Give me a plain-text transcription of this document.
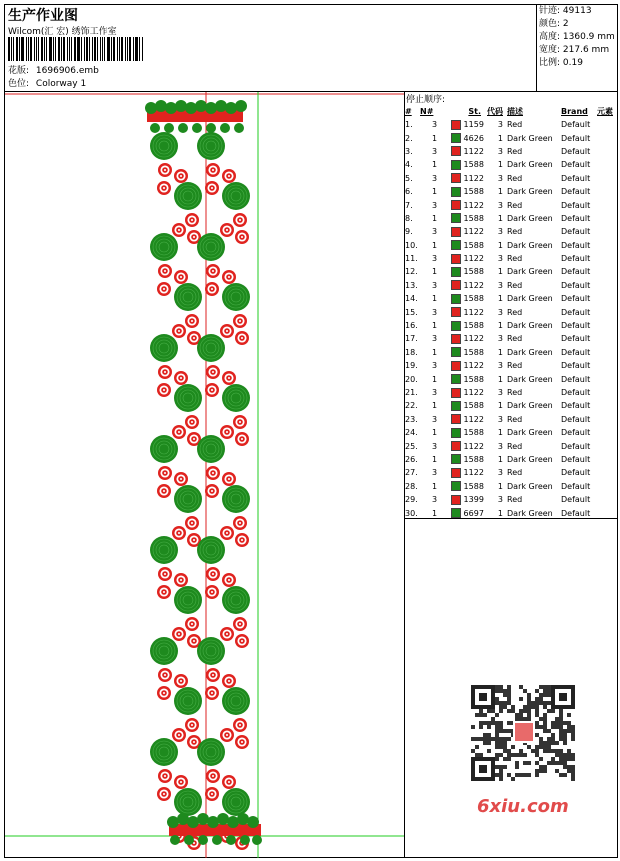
生产作业图
Wilcom(汇 宏) 绣饰工作室
花版: 1696906.emb
色位: Colorway 1
针迹: 49113
颜色: 2
高度: 1360.9 mm
宽度: 217.6 mm
比例: 0.19
停止顺序:
#	N#	St.	代码	描述	Brand	元素
1.	3	1159	3	Red	Default	
2.	1	4626	1	Dark Green	Default	
3.	3	1122	3	Red	Default	
4.	1	1588	1	Dark Green	Default	
5.	3	1122	3	Red	Default	
6.	1	1588	1	Dark Green	Default	
7.	3	1122	3	Red	Default	
8.	1	1588	1	Dark Green	Default	
9.	3	1122	3	Red	Default	
10.	1	1588	1	Dark Green	Default	
11.	3	1122	3	Red	Default	
12.	1	1588	1	Dark Green	Default	
13.	3	1122	3	Red	Default	
14.	1	1588	1	Dark Green	Default	
15.	3	1122	3	Red	Default	
16.	1	1588	1	Dark Green	Default	
17.	3	1122	3	Red	Default	
18.	1	1588	1	Dark Green	Default	
19.	3	1122	3	Red	Default	
20.	1	1588	1	Dark Green	Default	
21.	3	1122	3	Red	Default	
22.	1	1588	1	Dark Green	Default	
23.	3	1122	3	Red	Default	
24.	1	1588	1	Dark Green	Default	
25.	3	1122	3	Red	Default	
26.	1	1588	1	Dark Green	Default	
27.	3	1122	3	Red	Default	
28.	1	1588	1	Dark Green	Default	
29.	3	1399	3	Red	Default	
30.	1	6697	1	Dark Green	Default	
6xiu.com
